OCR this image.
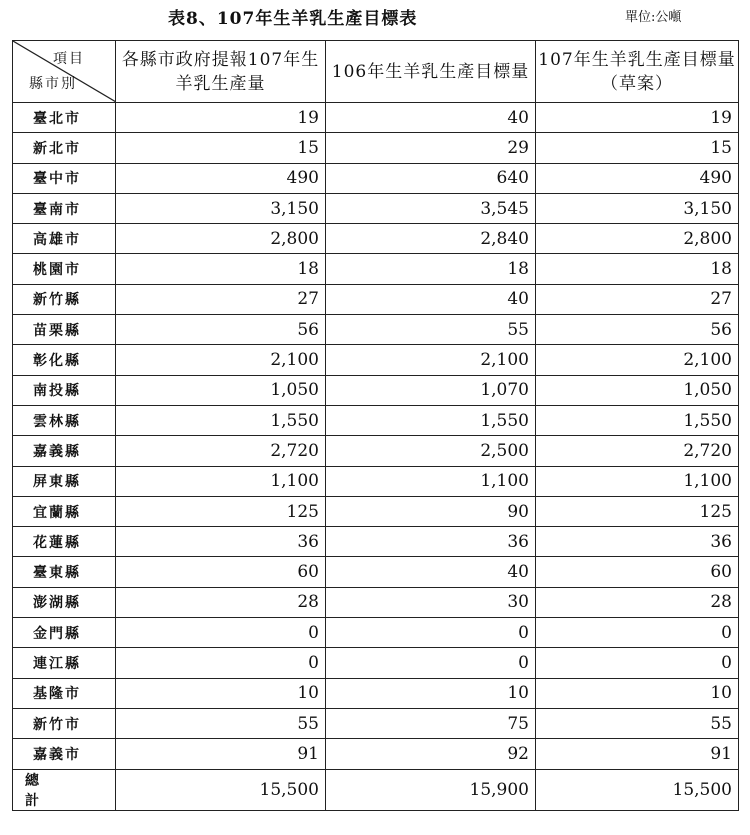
表8、107年生羊乳生產目標表	單位:公噸
項目
縣市別	各縣市政府提報107年生羊乳生產量	106年生羊乳生產目標量	107年生羊乳生產目標量（草案）
臺北市	19	40	19
新北市	15	29	15
臺中市	490	640	490
臺南市	3,150	3,545	3,150
高雄市	2,800	2,840	2,800
桃園市	18	18	18
新竹縣	27	40	27
苗栗縣	56	55	56
彰化縣	2,100	2,100	2,100
南投縣	1,050	1,070	1,050
雲林縣	1,550	1,550	1,550
嘉義縣	2,720	2,500	2,720
屏東縣	1,100	1,100	1,100
宜蘭縣	125	90	125
花蓮縣	36	36	36
臺東縣	60	40	60
澎湖縣	28	30	28
金門縣	0	0	0
連江縣	0	0	0
基隆市	10	10	10
新竹市	55	75	55
嘉義市	91	92	91
總計	15,500	15,900	15,500
